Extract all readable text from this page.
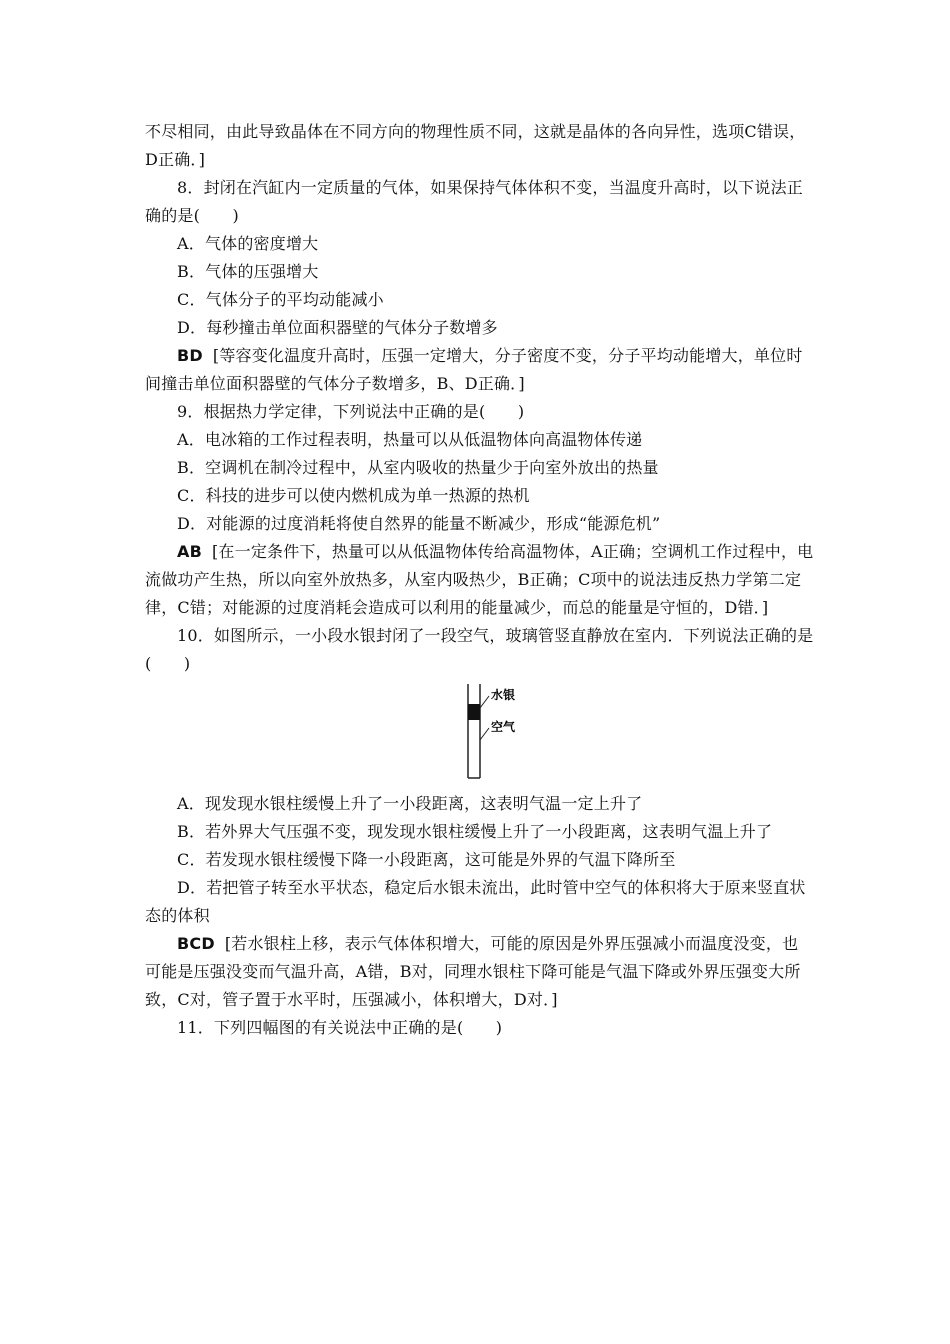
不尽相同，由此导致晶体在不同方向的物理性质不同，这就是晶体的各向异性，选项C错误，
D正确．]
8．封闭在汽缸内一定质量的气体，如果保持气体体积不变，当温度升高时，以下说法正
确的是(　　)
A．气体的密度增大
B．气体的压强增大
C．气体分子的平均动能减小
D．每秒撞击单位面积器壁的气体分子数增多
BD [等容变化温度升高时，压强一定增大，分子密度不变，分子平均动能增大，单位时
间撞击单位面积器壁的气体分子数增多，B、D正确．]
9．根据热力学定律，下列说法中正确的是(　　)
A．电冰箱的工作过程表明，热量可以从低温物体向高温物体传递
B．空调机在制冷过程中，从室内吸收的热量少于向室外放出的热量
C．科技的进步可以使内燃机成为单一热源的热机
D．对能源的过度消耗将使自然界的能量不断减少，形成“能源危机”
AB [在一定条件下，热量可以从低温物体传给高温物体，A正确；空调机工作过程中，电
流做功产生热，所以向室外放热多，从室内吸热少，B正确；C项中的说法违反热力学第二定
律，C错；对能源的过度消耗会造成可以利用的能量减少，而总的能量是守恒的，D错．]
10．如图所示，一小段水银封闭了一段空气，玻璃管竖直静放在室内．下列说法正确的是
(　　)
水银
空气
A．现发现水银柱缓慢上升了一小段距离，这表明气温一定上升了
B．若外界大气压强不变，现发现水银柱缓慢上升了一小段距离，这表明气温上升了
C．若发现水银柱缓慢下降一小段距离，这可能是外界的气温下降所至
D．若把管子转至水平状态，稳定后水银未流出，此时管中空气的体积将大于原来竖直状
态的体积
BCD [若水银柱上移，表示气体体积增大，可能的原因是外界压强减小而温度没变，也
可能是压强没变而气温升高，A错，B对，同理水银柱下降可能是气温下降或外界压强变大所
致，C对，管子置于水平时，压强减小，体积增大，D对．]
11．下列四幅图的有关说法中正确的是(　　)
